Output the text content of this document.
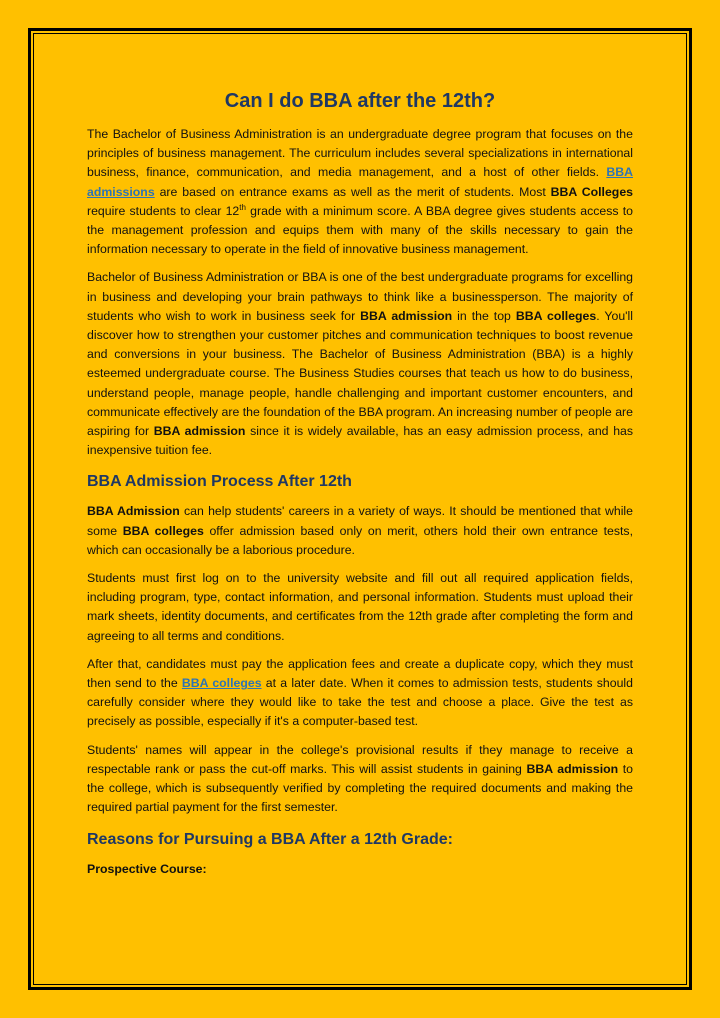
Can I do BBA after the 12th?

The Bachelor of Business Administration is an undergraduate degree program that focuses on the principles of business management. The curriculum includes several specializations in international business, finance, communication, and media management, and a host of other fields. BBA admissions are based on entrance exams as well as the merit of students. Most BBA Colleges require students to clear 12th grade with a minimum score. A BBA degree gives students access to the management profession and equips them with many of the skills necessary to gain the information necessary to operate in the field of innovative business management.

Bachelor of Business Administration or BBA is one of the best undergraduate programs for excelling in business and developing your brain pathways to think like a businessperson. The majority of students who wish to work in business seek for BBA admission in the top BBA colleges. You'll discover how to strengthen your customer pitches and communication techniques to boost revenue and conversions in your business. The Bachelor of Business Administration (BBA) is a highly esteemed undergraduate course. The Business Studies courses that teach us how to do business, understand people, manage people, handle challenging and important customer encounters, and communicate effectively are the foundation of the BBA program. An increasing number of people are aspiring for BBA admission since it is widely available, has an easy admission process, and has inexpensive tuition fee.

BBA Admission Process After 12th

BBA Admission can help students' careers in a variety of ways. It should be mentioned that while some BBA colleges offer admission based only on merit, others hold their own entrance tests, which can occasionally be a laborious procedure.

Students must first log on to the university website and fill out all required application fields, including program, type, contact information, and personal information. Students must upload their mark sheets, identity documents, and certificates from the 12th grade after completing the form and agreeing to all terms and conditions.

After that, candidates must pay the application fees and create a duplicate copy, which they must then send to the BBA colleges at a later date. When it comes to admission tests, students should carefully consider where they would like to take the test and choose a place. Give the test as precisely as possible, especially if it's a computer-based test.

Students' names will appear in the college's provisional results if they manage to receive a respectable rank or pass the cut-off marks. This will assist students in gaining BBA admission to the college, which is subsequently verified by completing the required documents and making the required partial payment for the first semester.

Reasons for Pursuing a BBA After a 12th Grade:
Prospective Course:
